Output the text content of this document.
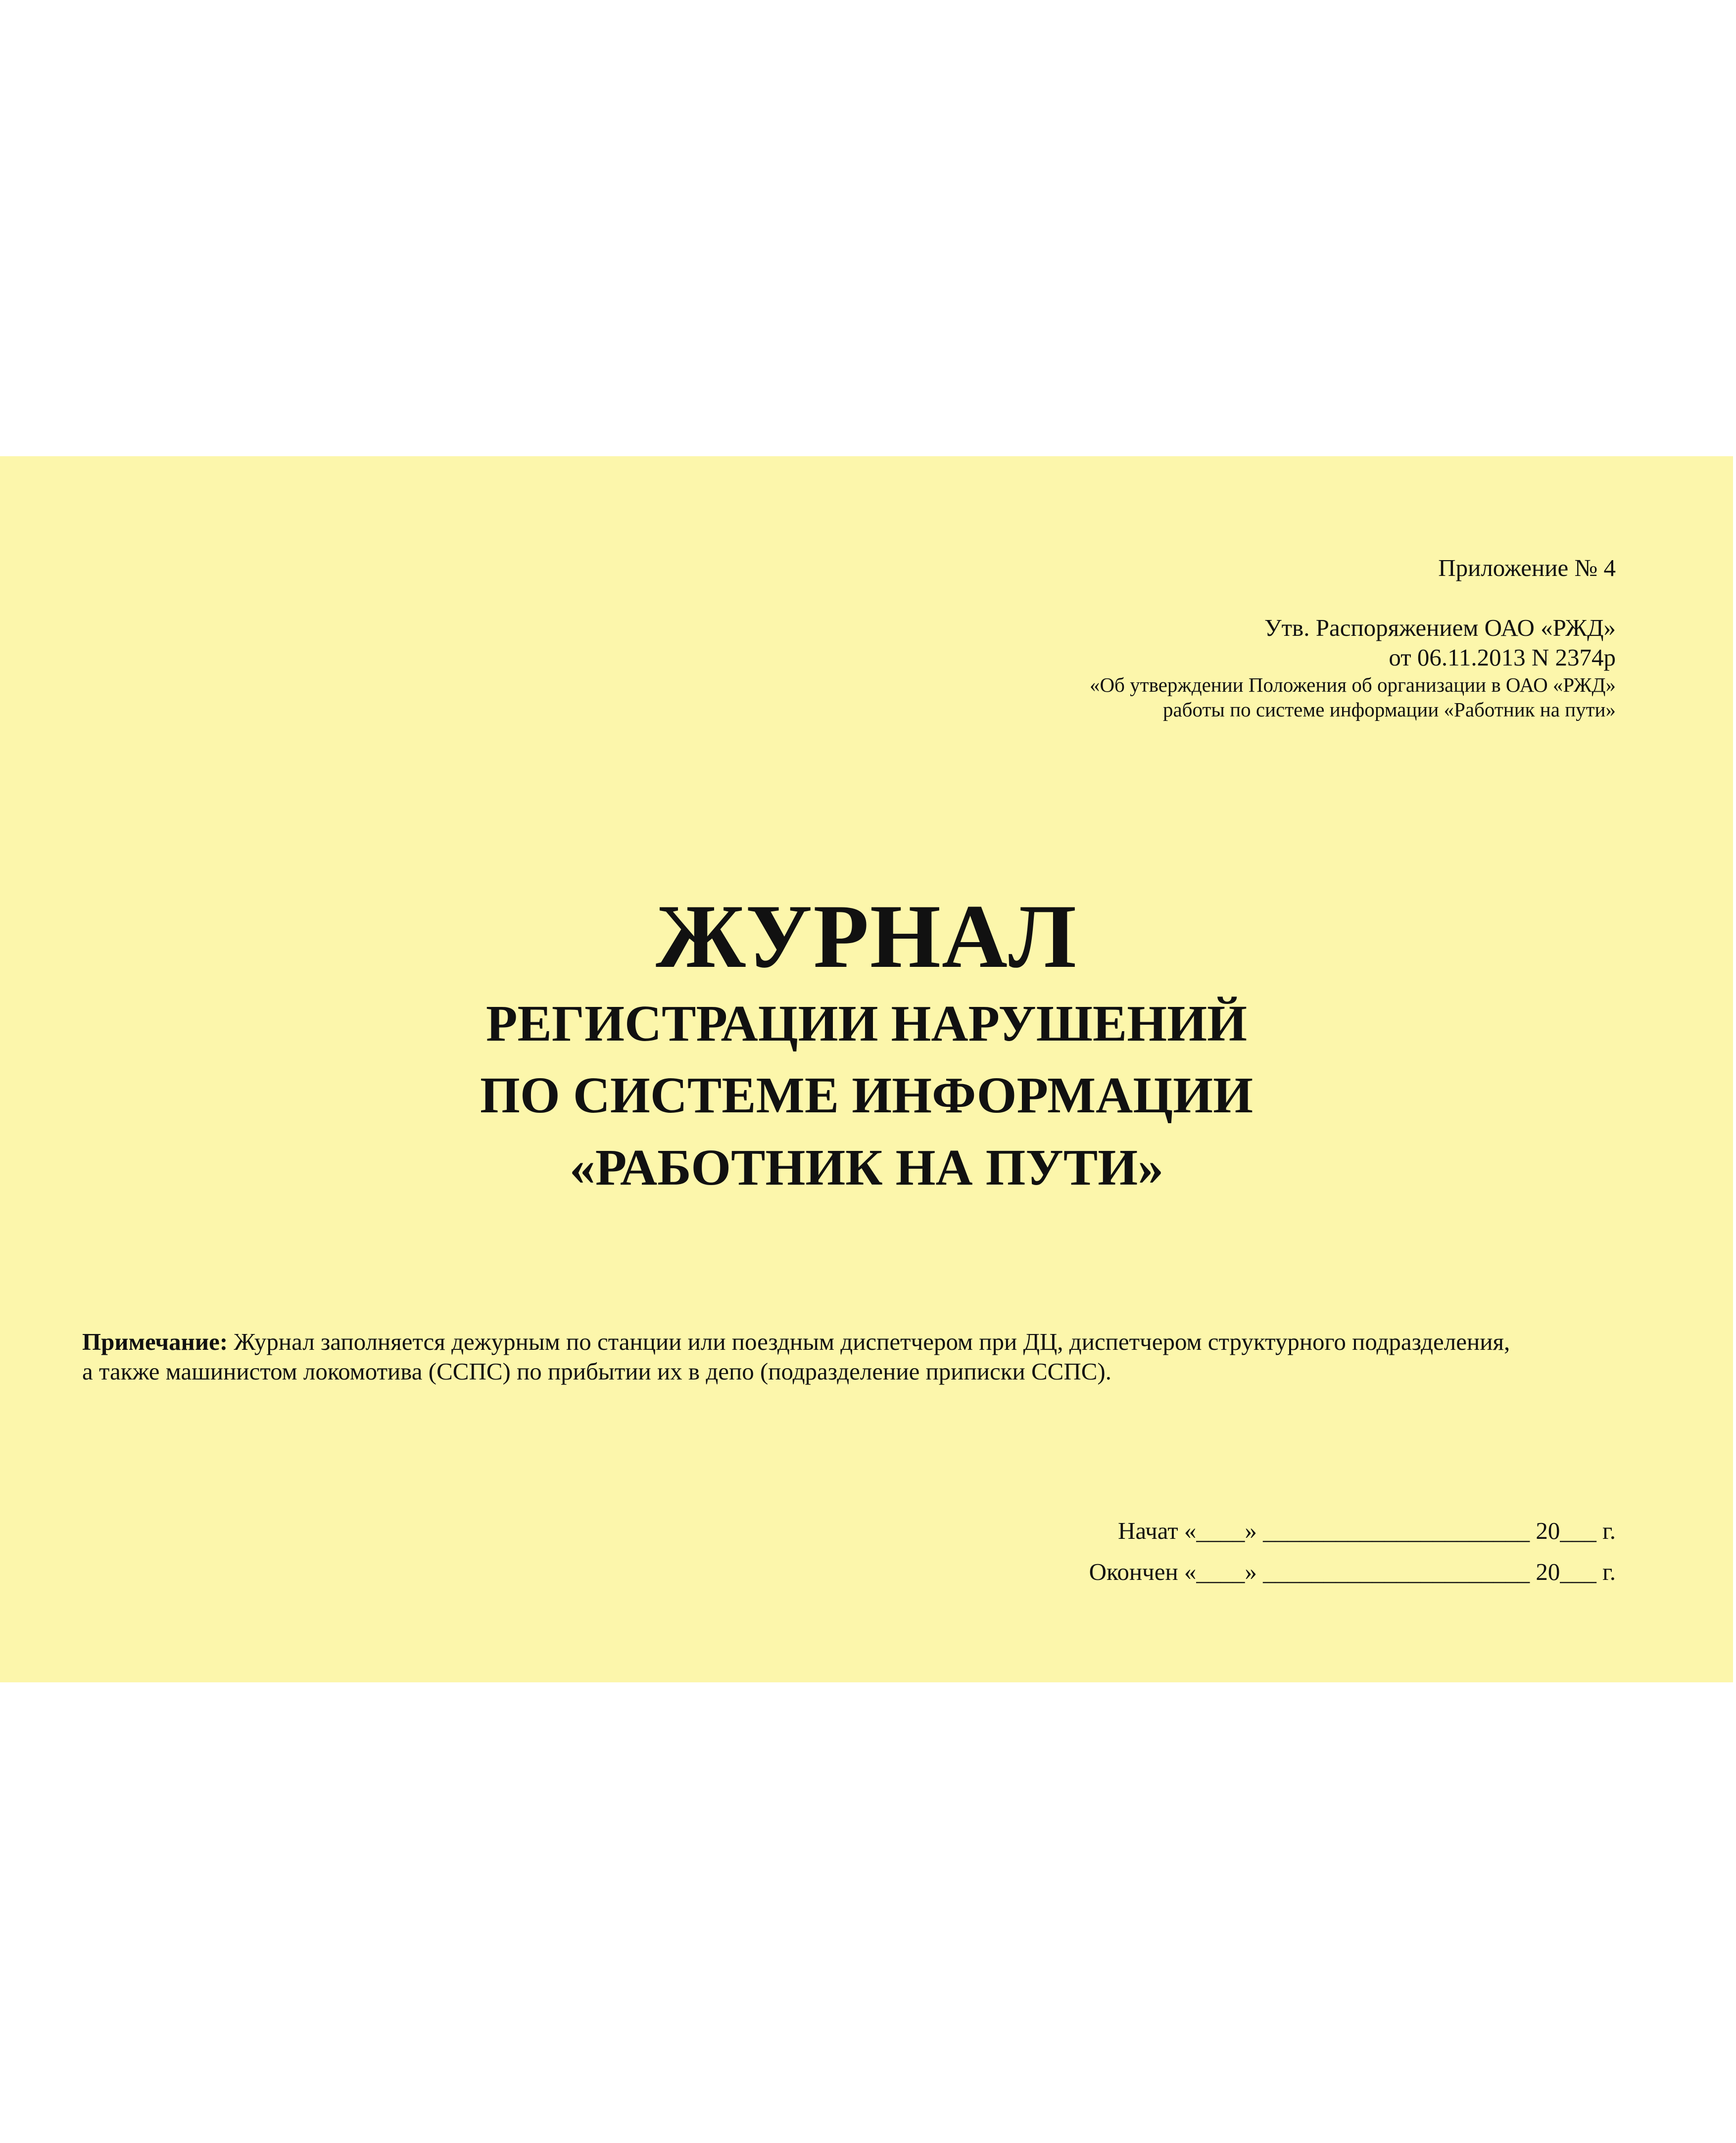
Приложение № 4
Утв. Распоряжением ОАО «РЖД»
от 06.11.2013 N 2374р
«Об утверждении Положения об организации в ОАО «РЖД»
работы по системе информации «Работник на пути»
ЖУРНАЛ
РЕГИСТРАЦИИ НАРУШЕНИЙ
ПО СИСТЕМЕ ИНФОРМАЦИИ
«РАБОТНИК НА ПУТИ»
Примечание: Журнал заполняется дежурным по станции или поездным диспетчером при ДЦ, диспетчером структурного подразделения,
а также машинистом локомотива (ССПС) по прибытии их в депо (подразделение приписки ССПС).
Начат «____» ______________________ 20___ г.
Окончен «____» ______________________ 20___ г.
